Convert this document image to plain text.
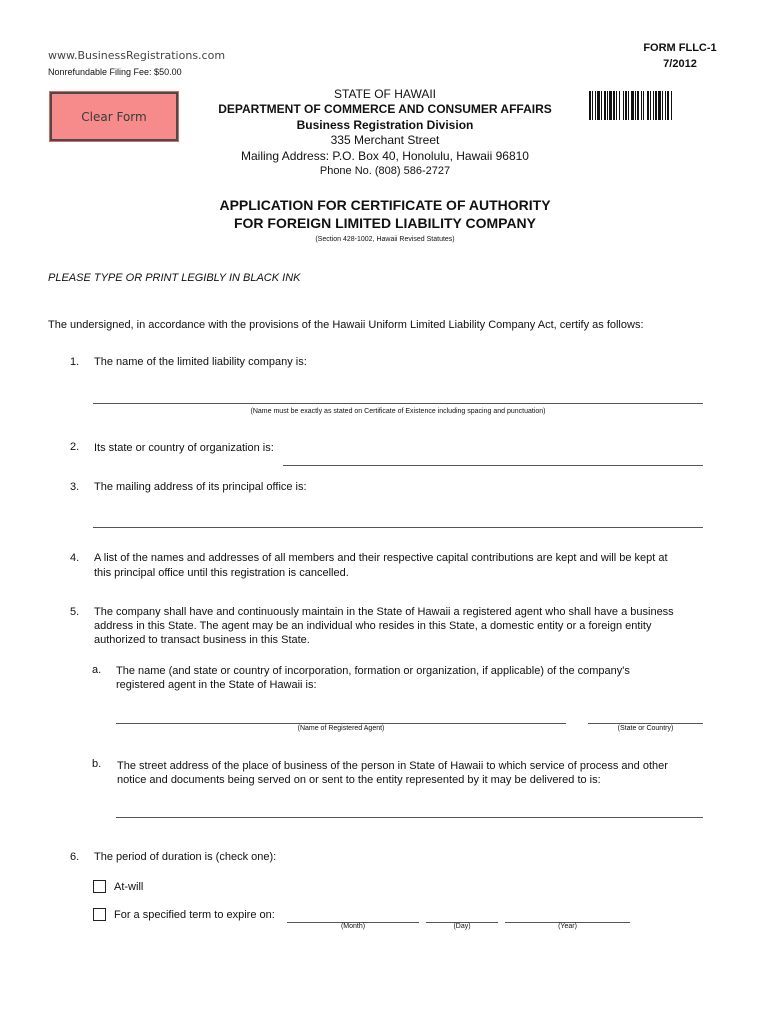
www.BusinessRegistrations.com
Nonrefundable Filing Fee: $50.00
FORM FLLC-1
7/2012
Clear Form
STATE OF HAWAII
DEPARTMENT OF COMMERCE AND CONSUMER AFFAIRS
Business Registration Division
335 Merchant Street
Mailing Address: P.O. Box 40, Honolulu, Hawaii 96810
Phone No. (808) 586-2727
APPLICATION FOR CERTIFICATE OF AUTHORITY
FOR FOREIGN LIMITED LIABILITY COMPANY
(Section 428-1002, Hawaii Revised Statutes)
PLEASE TYPE OR PRINT LEGIBLY IN BLACK INK
The undersigned, in accordance with the provisions of the Hawaii Uniform Limited Liability Company Act, certify as follows:
1. The name of the limited liability company is:
(Name must be exactly as stated on Certificate of Existence including spacing and punctuation)
2. Its state or country of organization is:
3. The mailing address of its principal office is:
4. A list of the names and addresses of all members and their respective capital contributions are kept and will be kept at
this principal office until this registration is cancelled.
5. The company shall have and continuously maintain in the State of Hawaii a registered agent who shall have a business
address in this State. The agent may be an individual who resides in this State, a domestic entity or a foreign entity
authorized to transact business in this State.
a. The name (and state or country of incorporation, formation or organization, if applicable) of the company's
registered agent in the State of Hawaii is:
(Name of Registered Agent)	(State or Country)
b. The street address of the place of business of the person in State of Hawaii to which service of process and other
notice and documents being served on or sent to the entity represented by it may be delivered to is:
6. The period of duration is (check one):
At-will
For a specified term to expire on:
(Month)	(Day)	(Year)
